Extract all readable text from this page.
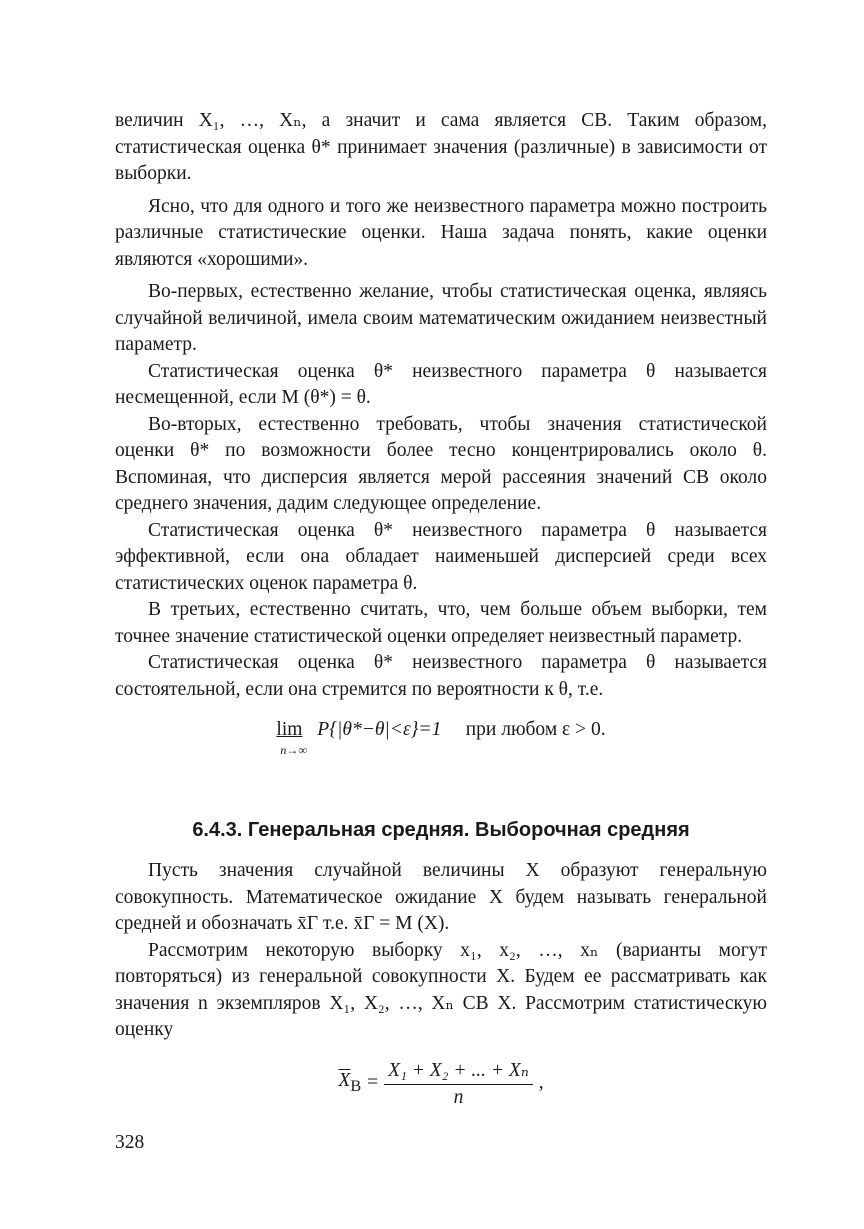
величин X₁, …, Xₙ, а значит и сама является СВ. Таким образом, статистическая оценка θ* принимает значения (различные) в зависимости от выборки.

Ясно, что для одного и того же неизвестного параметра можно построить различные статистические оценки. Наша задача понять, какие оценки являются «хорошими».

Во-первых, естественно желание, чтобы статистическая оценка, являясь случайной величиной, имела своим математическим ожиданием неизвестный параметр.

Статистическая оценка θ* неизвестного параметра θ называется несмещенной, если M (θ*) = θ.

Во-вторых, естественно требовать, чтобы значения статистической оценки θ* по возможности более тесно концентрировались около θ. Вспоминая, что дисперсия является мерой рассеяния значений СВ около среднего значения, дадим следующее определение.

Статистическая оценка θ* неизвестного параметра θ называется эффективной, если она обладает наименьшей дисперсией среди всех статистических оценок параметра θ.

В третьих, естественно считать, что, чем больше объем выборки, тем точнее значение статистической оценки определяет неизвестный параметр.

Статистическая оценка θ* неизвестного параметра θ называется состоятельной, если она стремится по вероятности к θ, т.е.

lim
n→∞
P{|θ*−θ|<ε}=1 при любом ε > 0.
6.4.3. Генеральная средняя. Выборочная средняя

Пусть значения случайной величины X образуют генеральную совокупность. Математическое ожидание X будем называть генеральной средней и обозначать x̄Г т.е. x̄Г = M (X).

Рассмотрим некоторую выборку x₁, x₂, …, xₙ (варианты могут повторяться) из генеральной совокупности X. Будем ее рассматривать как значения n экземпляров X₁, X₂, …, Xₙ СВ X. Рассмотрим статистическую оценку

$\overline{X}_В = \frac{\text{X₁ + X₂ + ... + Xₙ}}{n}$ ,
328
